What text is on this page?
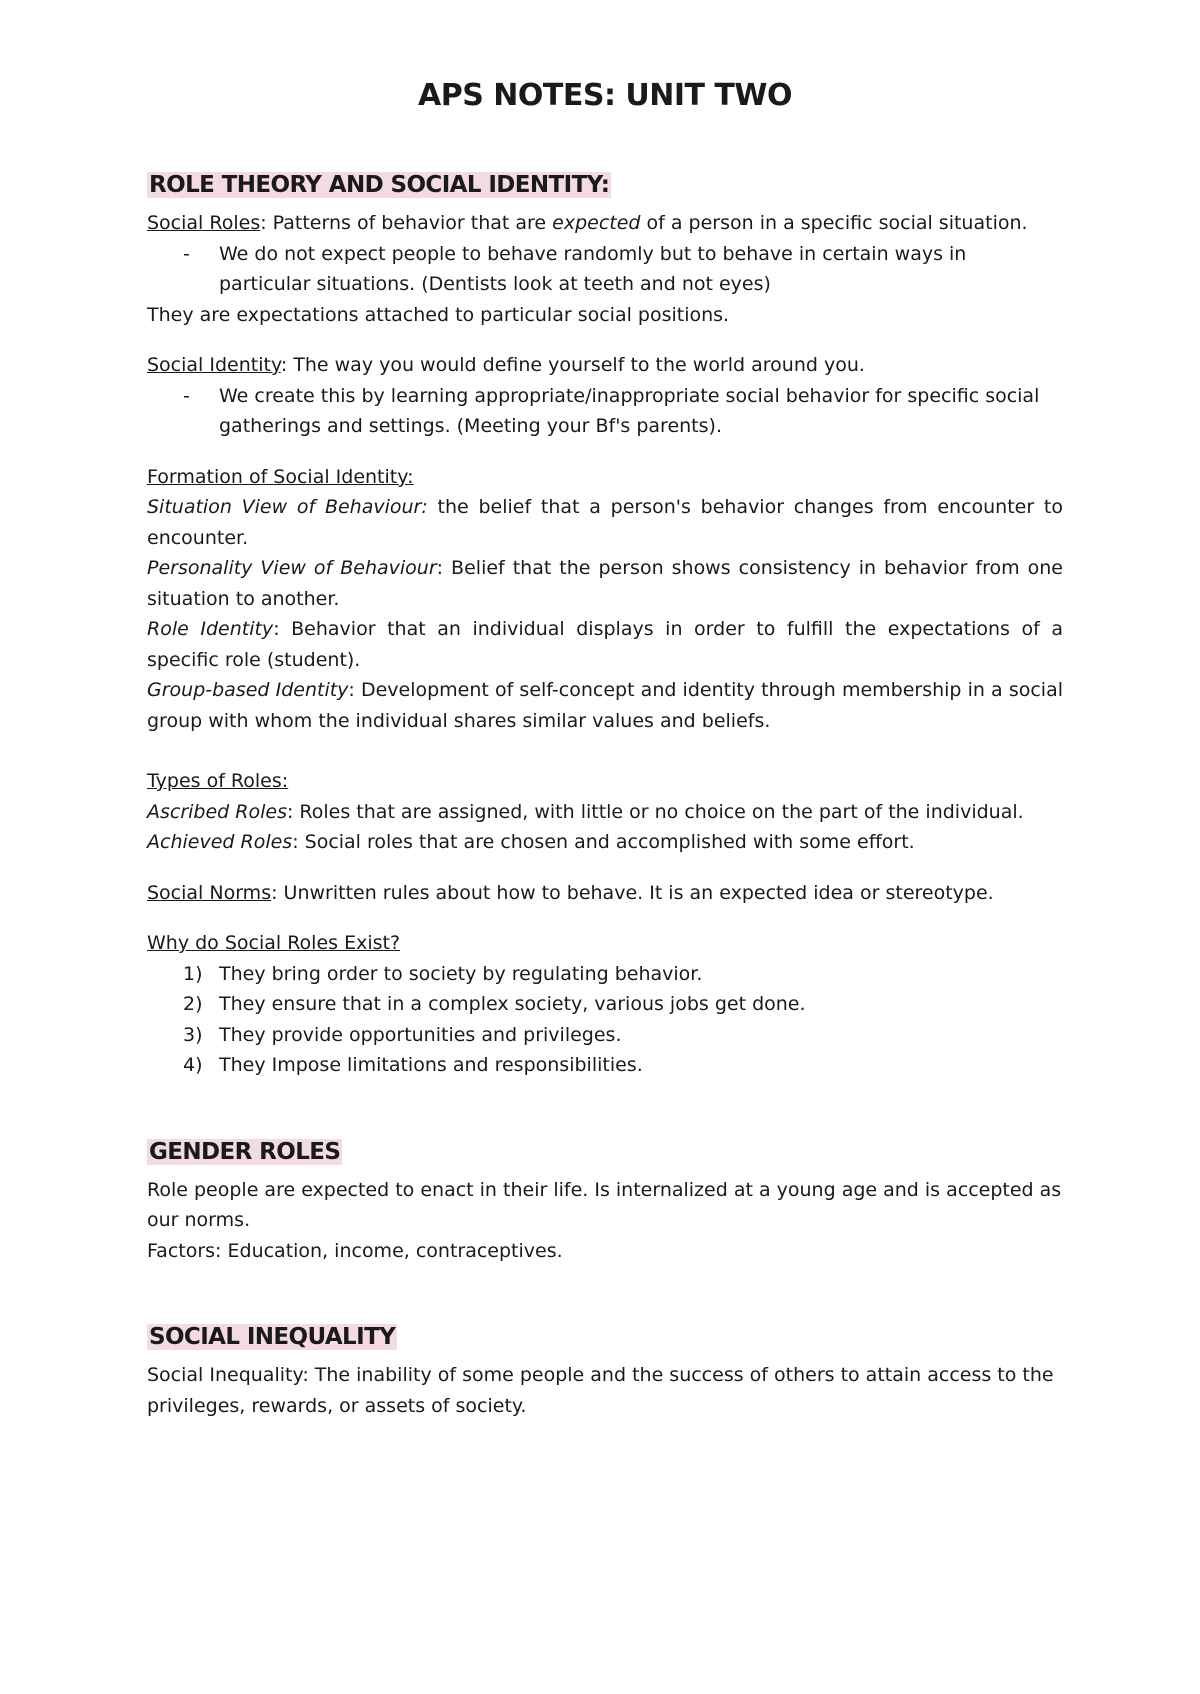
APS NOTES: UNIT TWO
ROLE THEORY AND SOCIAL IDENTITY:

Social Roles: Patterns of behavior that are expected of a person in a specific social situation.

- We do not expect people to behave randomly but to behave in certain ways in particular situations. (Dentists look at teeth and not eyes)

They are expectations attached to particular social positions.

Social Identity: The way you would define yourself to the world around you.

- We create this by learning appropriate/inappropriate social behavior for specific social gatherings and settings. (Meeting your Bf's parents).

Formation of Social Identity:

Situation View of Behaviour: the belief that a person's behavior changes from encounter to encounter.

Personality View of Behaviour: Belief that the person shows consistency in behavior from one situation to another.

Role Identity: Behavior that an individual displays in order to fulfill the expectations of a specific role (student).

Group-based Identity: Development of self-concept and identity through membership in a social group with whom the individual shares similar values and beliefs.

Types of Roles:

Ascribed Roles: Roles that are assigned, with little or no choice on the part of the individual.

Achieved Roles: Social roles that are chosen and accomplished with some effort.

Social Norms: Unwritten rules about how to behave. It is an expected idea or stereotype.

Why do Social Roles Exist?

1) They bring order to society by regulating behavior.
2) They ensure that in a complex society, various jobs get done.
3) They provide opportunities and privileges.
4) They Impose limitations and responsibilities.
GENDER ROLES

Role people are expected to enact in their life. Is internalized at a young age and is accepted as our norms.

Factors: Education, income, contraceptives.

SOCIAL INEQUALITY

Social Inequality: The inability of some people and the success of others to attain access to the privileges, rewards, or assets of society.
